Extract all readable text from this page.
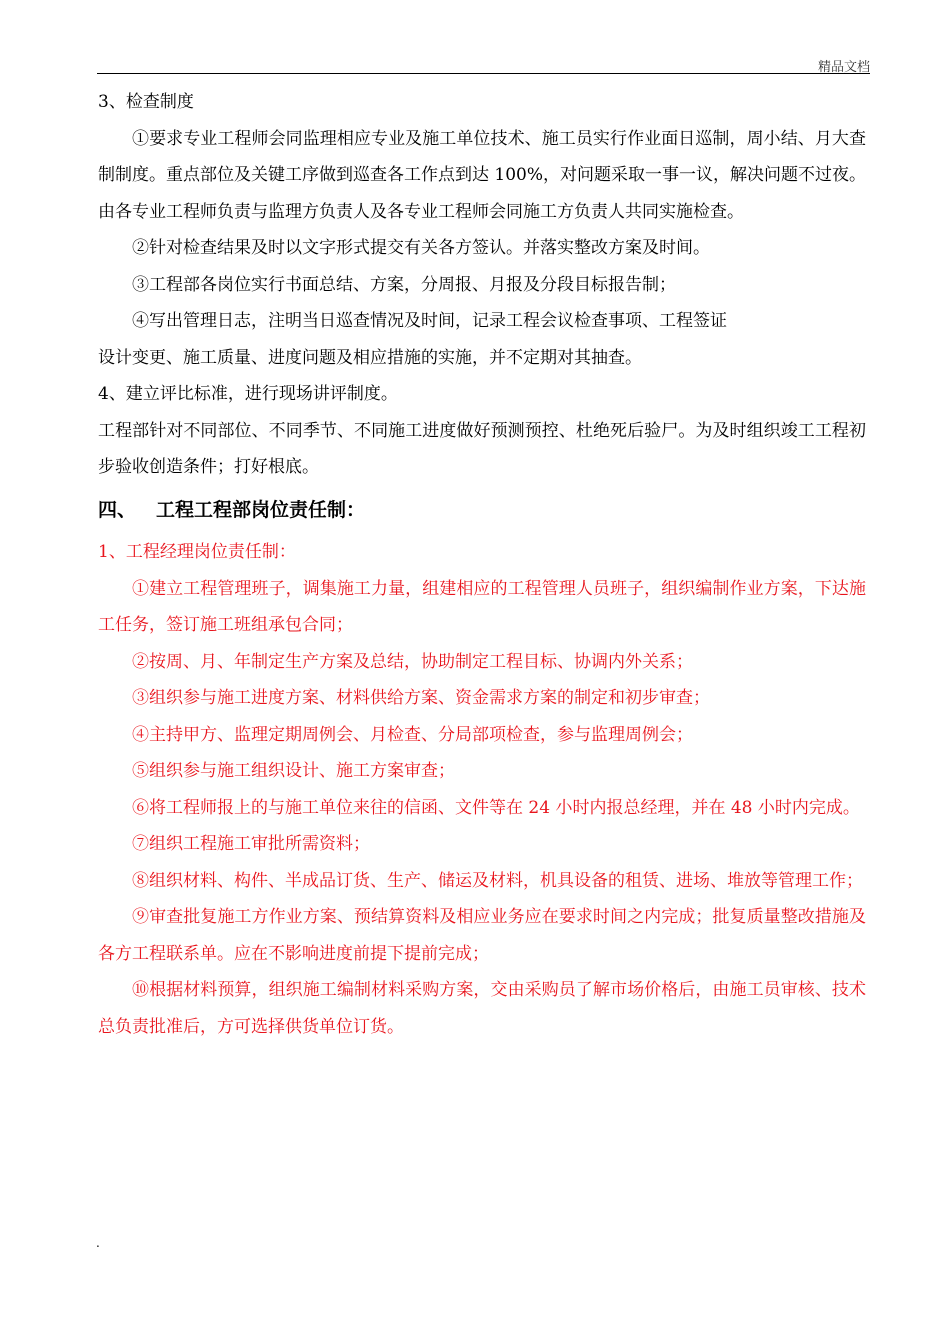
精品文档

3、检查制度

①要求专业工程师会同监理相应专业及施工单位技术、施工员实行作业面日巡制，周小结、月大查制制度。重点部位及关键工序做到巡查各工作点到达 100%，对问题采取一事一议，解决问题不过夜。由各专业工程师负责与监理方负责人及各专业工程师会同施工方负责人共同实施检查。

②针对检查结果及时以文字形式提交有关各方签认。并落实整改方案及时间。

③工程部各岗位实行书面总结、方案，分周报、月报及分段目标报告制；

④写出管理日志，注明当日巡查情况及时间，记录工程会议检查事项、工程签证

设计变更、施工质量、进度问题及相应措施的实施，并不定期对其抽查。

4、建立评比标准，进行现场讲评制度。

工程部针对不同部位、不同季节、不同施工进度做好预测预控、杜绝死后验尸。为及时组织竣工工程初步验收创造条件；打好根底。

四、 工程工程部岗位责任制：

1、工程经理岗位责任制：

①建立工程管理班子，调集施工力量，组建相应的工程管理人员班子，组织编制作业方案，下达施工任务，签订施工班组承包合同；

②按周、月、年制定生产方案及总结，协助制定工程目标、协调内外关系；

③组织参与施工进度方案、材料供给方案、资金需求方案的制定和初步审查；

④主持甲方、监理定期周例会、月检查、分局部项检查，参与监理周例会；

⑤组织参与施工组织设计、施工方案审查；

⑥将工程师报上的与施工单位来往的信函、文件等在 24 小时内报总经理，并在 48 小时内完成。

⑦组织工程施工审批所需资料；

⑧组织材料、构件、半成品订货、生产、储运及材料，机具设备的租赁、进场、堆放等管理工作；

⑨审查批复施工方作业方案、预结算资料及相应业务应在要求时间之内完成；批复质量整改措施及各方工程联系单。应在不影响进度前提下提前完成；

⑩根据材料预算，组织施工编制材料采购方案，交由采购员了解市场价格后，由施工员审核、技术总负责批准后，方可选择供货单位订货。

.
